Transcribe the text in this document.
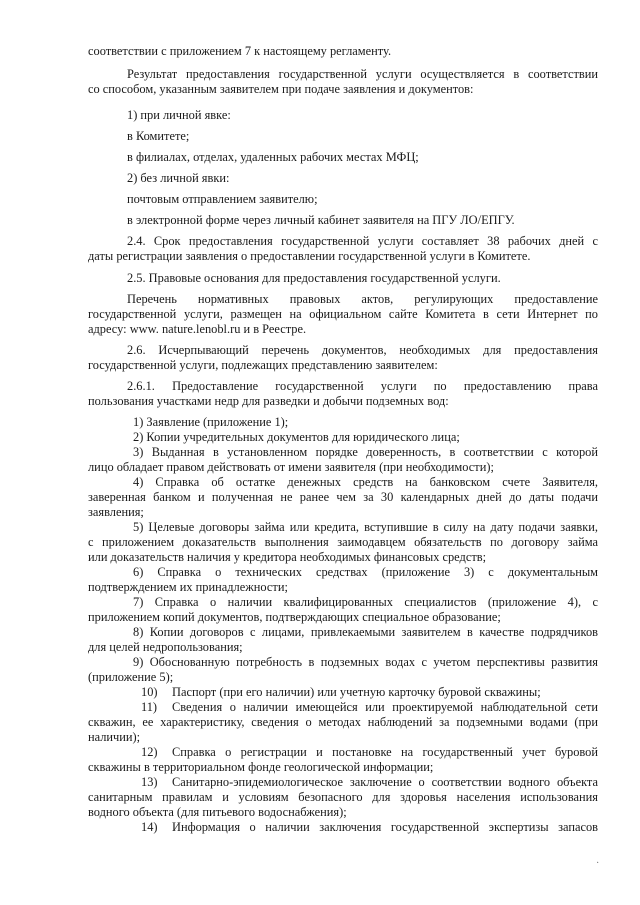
соответствии с приложением 7 к настоящему регламенту.
Результат предоставления государственной услуги осуществляется в соответствии
со способом, указанным заявителем при подаче заявления и документов:
1) при личной явке:
в Комитете;
в филиалах, отделах, удаленных рабочих местах МФЦ;
2) без личной явки:
почтовым отправлением заявителю;
в электронной форме через личный кабинет заявителя на ПГУ ЛО/ЕПГУ.
2.4. Срок предоставления государственной услуги составляет 38 рабочих дней с
даты регистрации заявления о предоставлении государственной услуги в Комитете.
2.5. Правовые основания для предоставления государственной услуги.
Перечень нормативных правовых актов, регулирующих предоставление
государственной услуги, размещен на официальном сайте Комитета в сети Интернет по
адресу: www. nature.lenobl.ru и в Реестре.
2.6. Исчерпывающий перечень документов, необходимых для предоставления
государственной услуги, подлежащих представлению заявителем:
2.6.1. Предоставление государственной услуги по предоставлению права
пользования участками недр для разведки и добычи подземных вод:
1) Заявление (приложение 1);
2) Копии учредительных документов для юридического лица;
3) Выданная в установленном порядке доверенность, в соответствии с которой
лицо обладает правом действовать от имени заявителя (при необходимости);
4) Справка об остатке денежных средств на банковском счете Заявителя,
заверенная банком и полученная не ранее чем за 30 календарных дней до даты подачи
заявления;
5) Целевые договоры займа или кредита, вступившие в силу на дату подачи заявки,
с приложением доказательств выполнения заимодавцем обязательств по договору займа
или доказательств наличия у кредитора необходимых финансовых средств;
6) Справка о технических средствах (приложение 3) с документальным
подтверждением их принадлежности;
7) Справка о наличии квалифицированных специалистов (приложение 4), с
приложением копий документов, подтверждающих специальное образование;
8) Копии договоров с лицами, привлекаемыми заявителем в качестве подрядчиков
для целей недропользования;
9) Обоснованную потребность в подземных водах с учетом перспективы развития
(приложение 5);
10) Паспорт (при его наличии) или учетную карточку буровой скважины;
11) Сведения о наличии имеющейся или проектируемой наблюдательной сети
скважин, ее характеристику, сведения о методах наблюдений за подземными водами (при
наличии);
12) Справка о регистрации и постановке на государственный учет буровой
скважины в территориальном фонде геологической информации;
13) Санитарно-эпидемиологическое заключение о соответствии водного объекта
санитарным правилам и условиям безопасного для здоровья населения использования
водного объекта (для питьевого водоснабжения);
14) Информация о наличии заключения государственной экспертизы запасов
·
